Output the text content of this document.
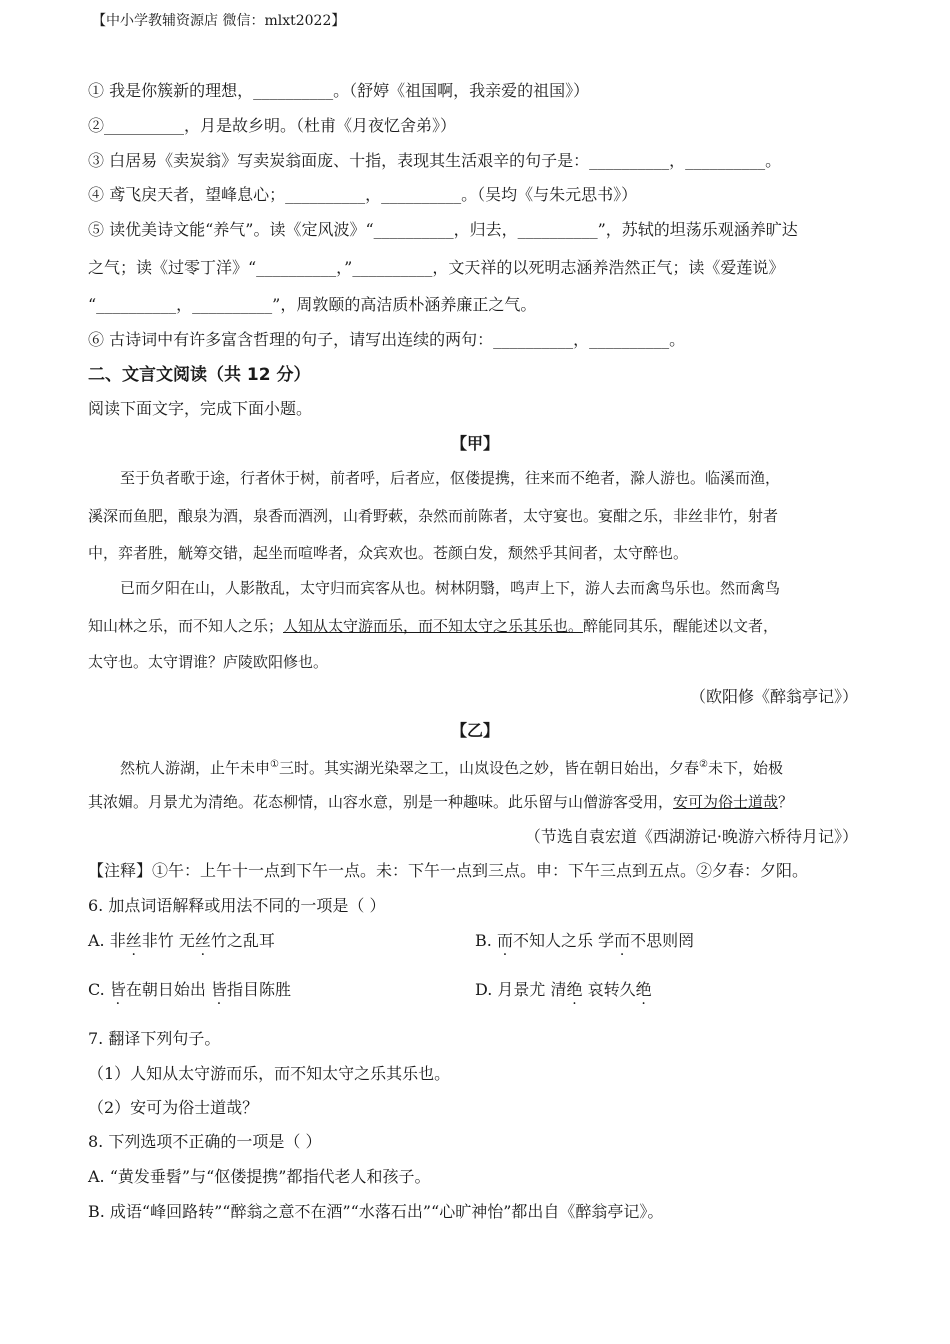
【中小学教辅资源店 微信：mlxt2022】
① 我是你簇新的理想，__________。（舒婷《祖国啊，我亲爱的祖国》）
②__________，月是故乡明。（杜甫《月夜忆舍弟》）
③ 白居易《卖炭翁》写卖炭翁面庞、十指，表现其生活艰辛的句子是：__________，__________。
④ 鸢飞戾天者，望峰息心；__________，__________。（吴均《与朱元思书》）
⑤ 读优美诗文能“养气”。读《定风波》“__________，归去，__________”，苏轼的坦荡乐观涵养旷达
之气；读《过零丁洋》“__________，”__________，文天祥的以死明志涵养浩然正气；读《爱莲说》
“__________，__________”，周敦颐的高洁质朴涵养廉正之气。
⑥ 古诗词中有许多富含哲理的句子，请写出连续的两句：__________，__________。
二、文言文阅读（共 12 分）
阅读下面文字，完成下面小题。
【甲】
至于负者歌于途，行者休于树，前者呼，后者应，伛偻提携，往来而不绝者，滁人游也。临溪而渔，
溪深而鱼肥，酿泉为酒，泉香而酒洌，山肴野蔌，杂然而前陈者，太守宴也。宴酣之乐，非丝非竹，射者
中，弈者胜，觥筹交错，起坐而喧哗者，众宾欢也。苍颜白发，颓然乎其间者，太守醉也。
已而夕阳在山，人影散乱，太守归而宾客从也。树林阴翳，鸣声上下，游人去而禽鸟乐也。然而禽鸟
知山林之乐，而不知人之乐；人知从太守游而乐，而不知太守之乐其乐也。醉能同其乐，醒能述以文者，
太守也。太守谓谁？庐陵欧阳修也。
（欧阳修《醉翁亭记》）
【乙】
然杭人游湖，止午未申①三时。其实湖光染翠之工，山岚设色之妙，皆在朝日始出，夕春②未下，始极
其浓媚。月景尤为清绝。花态柳情，山容水意，别是一种趣味。此乐留与山僧游客受用，安可为俗士道哉？
（节选自袁宏道《西湖游记·晚游六桥待月记》）
【注释】①午：上午十一点到下午一点。未：下午一点到三点。申：下午三点到五点。②夕春：夕阳。
6. 加点词语解释或用法不同的一项是（ ）
A. 非丝非竹 无丝竹之乱耳	B. 而不知人之乐 学而不思则罔
C. 皆在朝日始出 皆指目陈胜	D. 月景尤 清绝 哀转久绝
7. 翻译下列句子。
（1）人知从太守游而乐，而不知太守之乐其乐也。
（2）安可为俗士道哉？
8. 下列选项不正确的一项是（ ）
A. “黄发垂髫”与“伛偻提携”都指代老人和孩子。
B. 成语“峰回路转”“醉翁之意不在酒”“水落石出”“心旷神怡”都出自《醉翁亭记》。
